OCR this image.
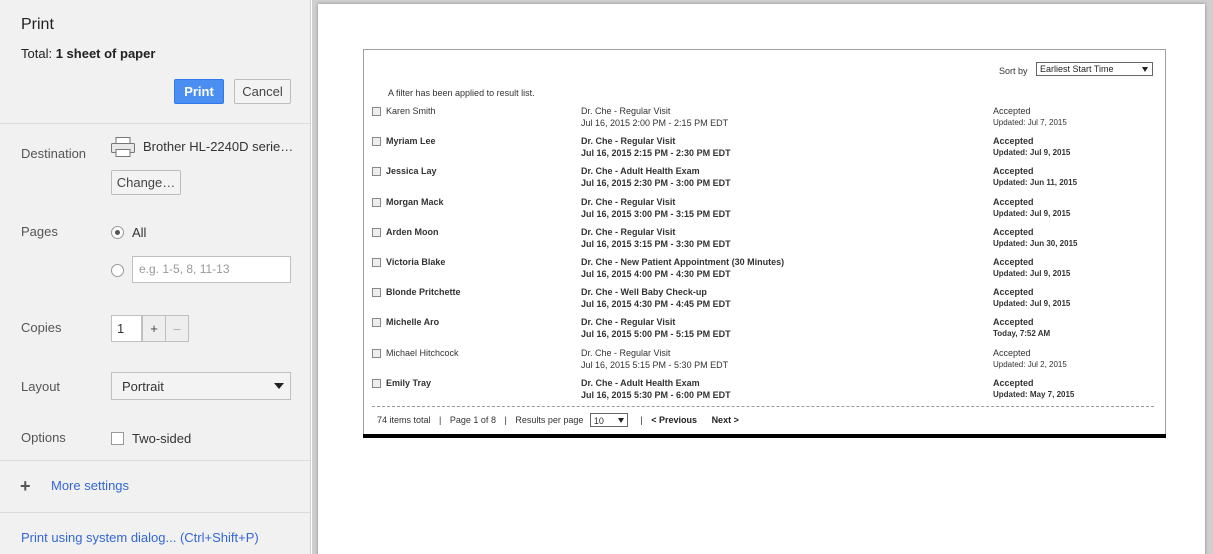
Print
Total: 1 sheet of paper
Print	Cancel
Destination	Brother HL-2240D serie…
Change…
Pages	All
e.g. 1-5, 8, 11-13
Copies	1	+	–
Layout	Portrait
Options	Two-sided
+ More settings
Print using system dialog... (Ctrl+Shift+P)
Sort by	Earliest Start Time
A filter has been applied to result list.
Karen Smith	Dr. Che - Regular Visit
Jul 16, 2015 2:00 PM - 2:15 PM EDT
Accepted
Updated: Jul 7, 2015
Myriam Lee	Dr. Che - Regular Visit
Jul 16, 2015 2:15 PM - 2:30 PM EDT
Accepted
Updated: Jul 9, 2015
Jessica Lay	Dr. Che - Adult Health Exam
Jul 16, 2015 2:30 PM - 3:00 PM EDT
Accepted
Updated: Jun 11, 2015
Morgan Mack	Dr. Che - Regular Visit
Jul 16, 2015 3:00 PM - 3:15 PM EDT
Accepted
Updated: Jul 9, 2015
Arden Moon	Dr. Che - Regular Visit
Jul 16, 2015 3:15 PM - 3:30 PM EDT
Accepted
Updated: Jun 30, 2015
Victoria Blake	Dr. Che - New Patient Appointment (30 Minutes)
Jul 16, 2015 4:00 PM - 4:30 PM EDT
Accepted
Updated: Jul 9, 2015
Blonde Pritchette	Dr. Che - Well Baby Check-up
Jul 16, 2015 4:30 PM - 4:45 PM EDT
Accepted
Updated: Jul 9, 2015
Michelle Aro	Dr. Che - Regular Visit
Jul 16, 2015 5:00 PM - 5:15 PM EDT
Accepted
Today, 7:52 AM
Michael Hitchcock	Dr. Che - Regular Visit
Jul 16, 2015 5:15 PM - 5:30 PM EDT
Accepted
Updated: Jul 2, 2015
Emily Tray	Dr. Che - Adult Health Exam
Jul 16, 2015 5:30 PM - 6:00 PM EDT
Accepted
Updated: May 7, 2015
74 items total | Page 1 of 8 | Results per page 10	| < Previous Next >
